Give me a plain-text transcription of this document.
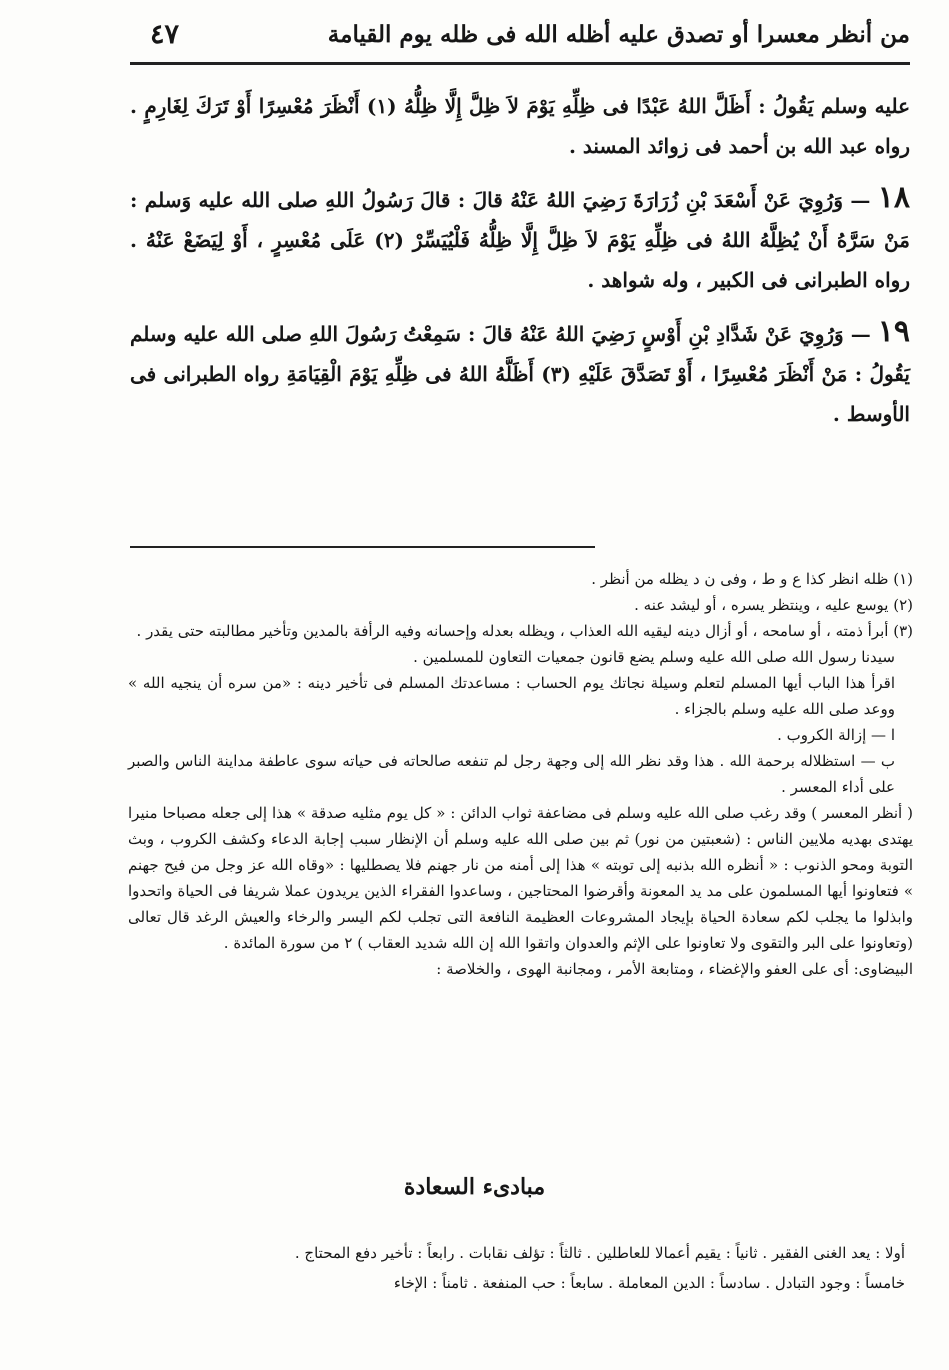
من أنظر معسرا أو تصدق عليه أظله الله فى ظله يوم القيامة
٤٧

عليه وسلم يَقُولُ : أَظَلَّ اللهُ عَبْدًا فى ظِلِّهِ يَوْمَ لاَ ظِلَّ إِلَّا ظِلُّهُ (١) أَنْظَرَ مُعْسِرًا أَوْ تَرَكَ لِغَارِمٍ . رواه عبد الله بن أحمد فى زوائد المسند .

١٨ — وَرُوِيَ عَنْ أَسْعَدَ بْنِ زُرَارَةَ رَضِيَ اللهُ عَنْهُ قالَ : قالَ رَسُولُ اللهِ صلى الله عليه وَسلم : مَنْ سَرَّهُ أَنْ يُظِلَّهُ اللهُ فى ظِلِّهِ يَوْمَ لاَ ظِلَّ إِلَّا ظِلُّهُ فَلْيُيَسِّرْ (٢) عَلَى مُعْسِرٍ ، أَوْ لِيَضَعْ عَنْهُ . رواه الطبرانى فى الكبير ، وله شواهد .

١٩ — وَرُوِيَ عَنْ شَدَّادِ بْنِ أَوْسٍ رَضِيَ اللهُ عَنْهُ قالَ : سَمِعْتُ رَسُولَ اللهِ صلى الله عليه وسلم يَقُولُ : مَنْ أَنْظَرَ مُعْسِرًا ، أَوْ تَصَدَّقَ عَلَيْهِ (٣) أَظَلَّهُ اللهُ فى ظِلِّهِ يَوْمَ الْقِيَامَةِ رواه الطبرانى فى الأوسط .

(١) ظله انظر كذا ع و ط ، وفى ن د يظله من أنظر .

(٢) يوسع عليه ، وينتظر يسره ، أو ليشد عنه .

(٣) أبرأ ذمته ، أو سامحه ، أو أزال دينه ليقيه الله العذاب ، ويظله بعدله وإحسانه وفيه الرأفة بالمدين وتأخير مطالبته حتى يقدر .

سيدنا رسول الله صلى الله عليه وسلم يضع قانون جمعيات التعاون للمسلمين .

اقرأ هذا الباب أيها المسلم لتعلم وسيلة نجاتك يوم الحساب : مساعدتك المسلم فى تأخير دينه : «من سره أن ينجيه الله » ووعد صلى الله عليه وسلم بالجزاء .

ا — إزالة الكروب .

ب — استظلاله برحمة الله . هذا وقد نظر الله إلى وجهة رجل لم تنفعه صالحاته فى حياته سوى عاطفة مداينة الناس والصبر على أداء المعسر .

( أنظر المعسر ) وقد رغب صلى الله عليه وسلم فى مضاعفة ثواب الدائن : « كل يوم مثليه صدقة » هذا إلى جعله مصباحا منيرا يهتدى بهديه ملايين الناس : (شعبتين من نور) ثم بين صلى الله عليه وسلم أن الإنظار سبب إجابة الدعاء وكشف الكروب ، وبث التوبة ومحو الذنوب : « أنظره الله بذنبه إلى توبته » هذا إلى أمنه من نار جهنم فلا يصطليها : «وقاه الله عز وجل من فيح جهنم » فتعاونوا أيها المسلمون على مد يد المعونة وأقرضوا المحتاجين ، وساعدوا الفقراء الذين يريدون عملا شريفا فى الحياة واتحدوا وابذلوا ما يجلب لكم سعادة الحياة بإيجاد المشروعات العظيمة النافعة التى تجلب لكم اليسر والرخاء والعيش الرغد قال تعالى (وتعاونوا على البر والتقوى ولا تعاونوا على الإثم والعدوان واتقوا الله إن الله شديد العقاب ) ٢ من سورة المائدة .

البيضاوى: أى على العفو والإغضاء ، ومتابعة الأمر ، ومجانبة الهوى ، والخلاصة :

مبادىء السعادة

أولا : يعد الغنى الفقير . ثانياً : يقيم أعمالا للعاطلين . ثالثاً : تؤلف نقابات . رابعاً : تأخير دفع المحتاج .

خامساً : وجود التبادل . سادساً : الدين المعاملة . سابعاً : حب المنفعة . ثامناً : الإخاء
